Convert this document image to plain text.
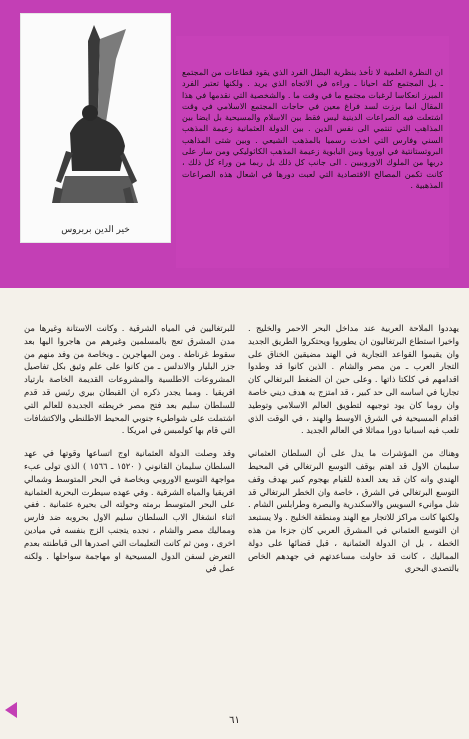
خير الدين بربروس
ان النظرة العلمية لا تأخذ بنظرية البطل الفرد الذي يقود قطاعات من المجتمع ـ بل المجتمع كله احيانا ـ وراءه في الاتجاه الذي يريد . ولكنها تعتبر الفرد المبرز انعكاسا لرغبات مجتمع ما في وقت ما . والشخصية التي نقدمها في هذا المقال انما برزت لسد فراغ معين في حاجات المجتمع الاسلامي في وقت اشتعلت فيه الصراعات الدينية ليس فقط بين الاسلام والمسيحية بل ايضا بين المذاهب التي تنتمي الى نفس الدين . بين الدولة العثمانية زعيمة المذهب السني وفارس التي اخذت رسميا بالمذهب الشيعي . وبين شتى المذاهب البروتستانتية في اوروبا وبين البابوية زعيمة المذهب الكاثوليكي ومن سار على دربها من الملوك الاوروبيين . الى جانب كل ذلك بل ربما من وراء كل ذلك ، كانت تكمن المصالح الاقتصادية التي لعبت دورها في اشعال هذه الصراعات المذهبية .

يهددوا الملاحة العربية عند مداخل البحر الاحمر والخليج . واخيرا استطاع البرتغاليون ان يطوروا ويحتكروا الطريق الجديد وان يقيموا القواعد التجارية في الهند مضيقين الخناق على التجار العرب ـ من مصر والشام . الذين كانوا قد وطدوا اقدامهم في كلكتا ذاتها . وعلى حين ان الضغط البرتغالي كان تجاريا في اساسه الى حد كبير ، قد امتزج به هدف ديني خاصة وان روما كان يود توجيهه لتطويق العالم الاسلامي وتوطيد اقدام المسيحية في الشرق الاوسط والهند ، في الوقت الذي تلعب فيه اسبانيا دورا مماثلا في العالم الجديد .

وهناك من المؤشرات ما يدل على أن السلطان العثماني سليمان الاول قد اهتم بوقف التوسع البرتغالي في المحيط الهندي وانه كان قد يعد العدة للقيام بهجوم كبير يهدف وقف التوسع البرتغالي في الشرق ، خاصة وان الخطر البرتغالي قد شل موانيء السويس والاسكندرية والبصرة وطرابلس الشام . ولكنها كانت مراكز للاتجار مع الهند ومنطقة الخليج . ولا يستبعد ان التوسع العثماني في المشرق العربي كان جزءا من هذه الخطة ، بل ان الدولة العثمانية ، قبل قضائها على دولة المماليك ، كانت قد حاولت مساعدتهم في جهدهم الخاص بالتصدي البحري

للبرتغاليين في المياه الشرقية . وكانت الاستانة وغيرها من مدن المشرق تعج بالمسلمين وغيرهم من هاجروا اليها بعد سقوط غرناطة . ومن المهاجرين ـ وبخاصة من وفد منهم من جزر البليار والاندلس ـ من كانوا على علم وثيق بكل تفاصيل المشروعات الاطلسية والمشروعات القديمة الخاصة بارتياد افريقيا . ومما يجدر ذكره ان القبطان بيري رئيس قد قدم للسلطان سليم بعد فتح مصر خريطته الجديدة للعالم التي اشتملت على شواطيء جنوبي المحيط الاطلنطي والاكتشافات التي قام بها كولمبس في امريكا .

وقد وصلت الدولة العثمانية اوج اتساعها وقوتها في عهد السلطان سليمان القانوني ( ١٥٢٠ ـ ١٥٦٦ ) الذي تولى عبء مواجهة التوسع الاوروبي وبخاصة في البحر المتوسط وشمالي افريقيا والمياه الشرقية . وفي عهده سيطرت البحرية العثمانية على البحر المتوسط برمته وحولته الى بحيرة عثمانية . ففي اثناء انشغال الاب السلطان سليم الاول بحروبه ضد فارس ومماليك مصر والشام ، نجده يتجنب الزج بنفسه في ميادين اخرى ، ومن ثم كانت التعليمات التي اصدرها الى قباطنته بعدم التعرض لسفن الدول المسيحية او مهاجمة سواحلها . ولكنه عمل في

٦١
